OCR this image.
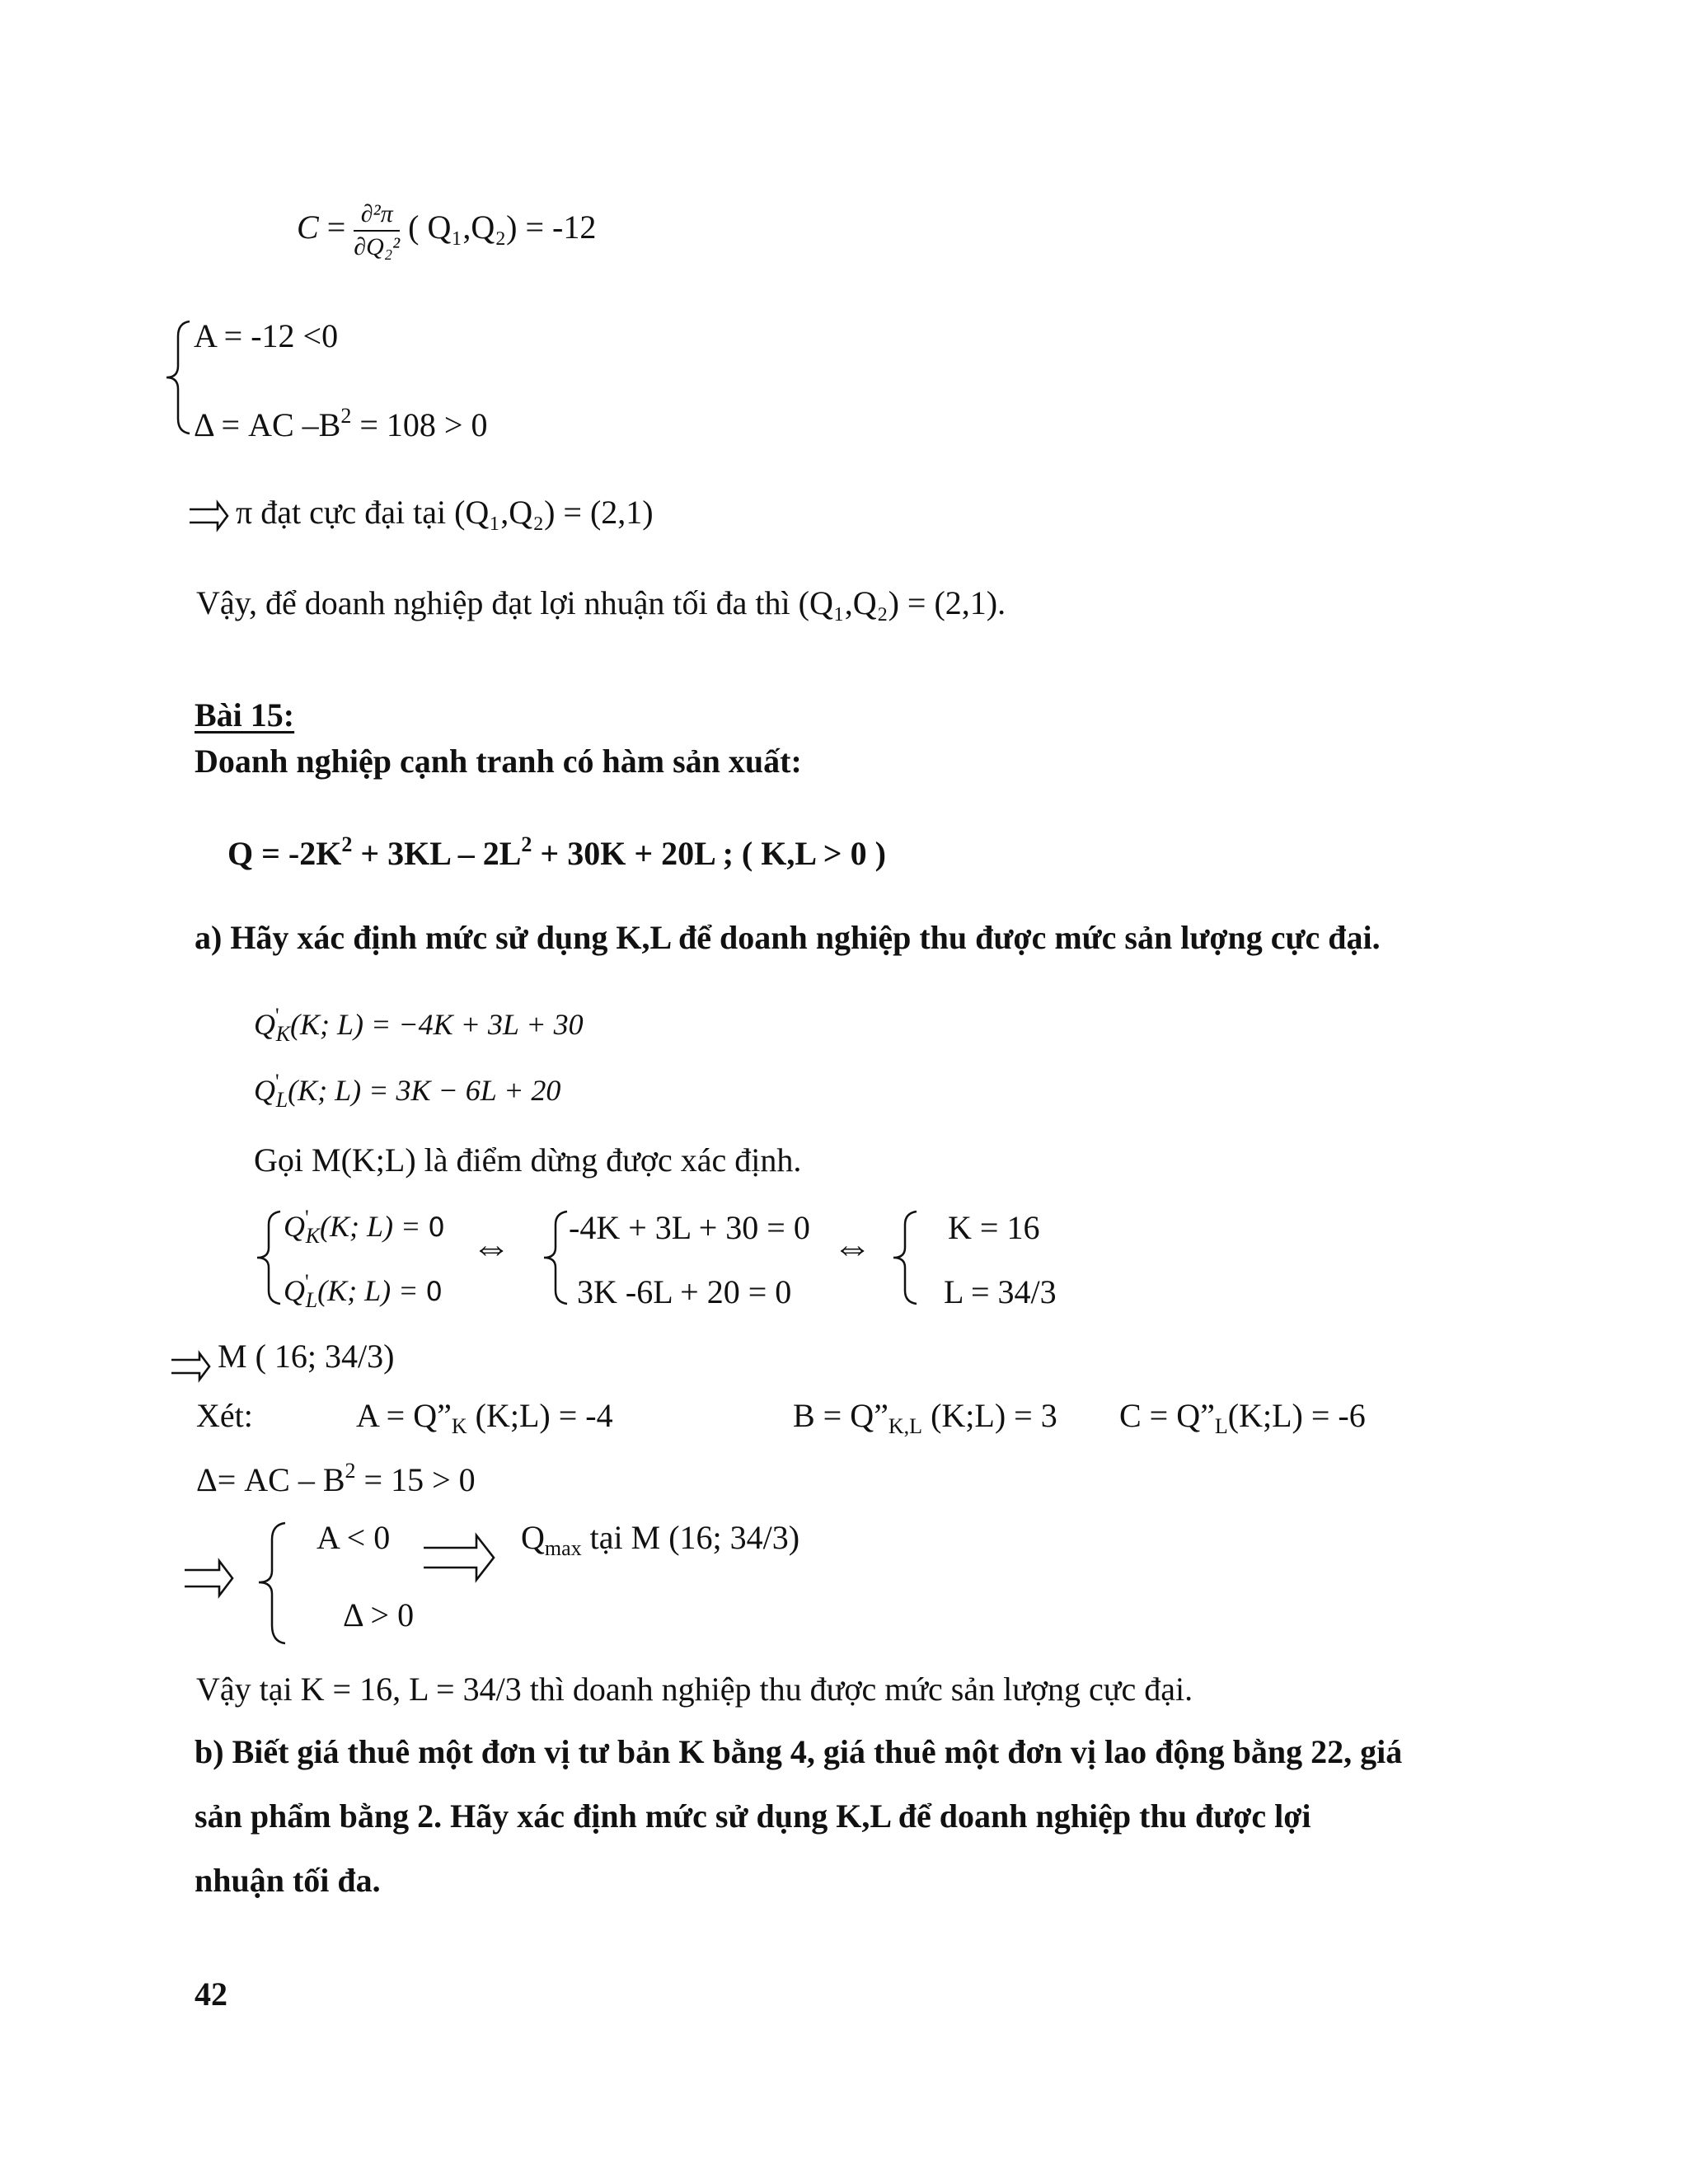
$C = \frac{\text{∂²π}}{\text{∂Q₂²}}$ ( Q₁,Q₂) = -12
A = -12 <0
Δ = AC $-B^2 = 108 > 0$
π đạt cực đại tại (Q₁,Q₂) = (2,1)
Vậy, để doanh nghiệp đạt lợi nhuận tối đa thì (Q₁,Q₂) = (2,1).
Bài 15:
Doanh nghiệp cạnh tranh có hàm sản xuất:
$Q = -2K^2 + 3KL - 2L^2 + 30K + 20L$ ; ( K,L > 0 )
a) Hãy xác định mức sử dụng K,L để doanh nghiệp thu được mức sản lượng cực đại.
$Q'_K(K$; L) = −4K + 3L + 30
$Q'_L(K$; L) = 3K − 6L + 20
Gọi M(K;L) là điểm dừng được xác định.
$Q'_K(K$; L) = 0
$Q'_L(K$; L) = 0
⇔ -4K + 3L + 30 = 0
3K -6L + 20 = 0
⇔ K = 16
L = 34/3
M ( 16; 34/3)
Xét:	$A = Q”_K$ (K;L) = -4	$B = Q”_{K,L}$ (K;L) = 3 $C = Q”_L(K;L) = -6$
Δ= AC – $B^2 = 15 > 0$
A < 0
Δ > 0
$Q_{max}$ tại M (16; 34/3)
Vậy tại K = 16, L = 34/3 thì doanh nghiệp thu được mức sản lượng cực đại.
b) Biết giá thuê một đơn vị tư bản K bằng 4, giá thuê một đơn vị lao động bằng 22, giá
sản phẩm bằng 2. Hãy xác định mức sử dụng K,L để doanh nghiệp thu được lợi
nhuận tối đa.
42
